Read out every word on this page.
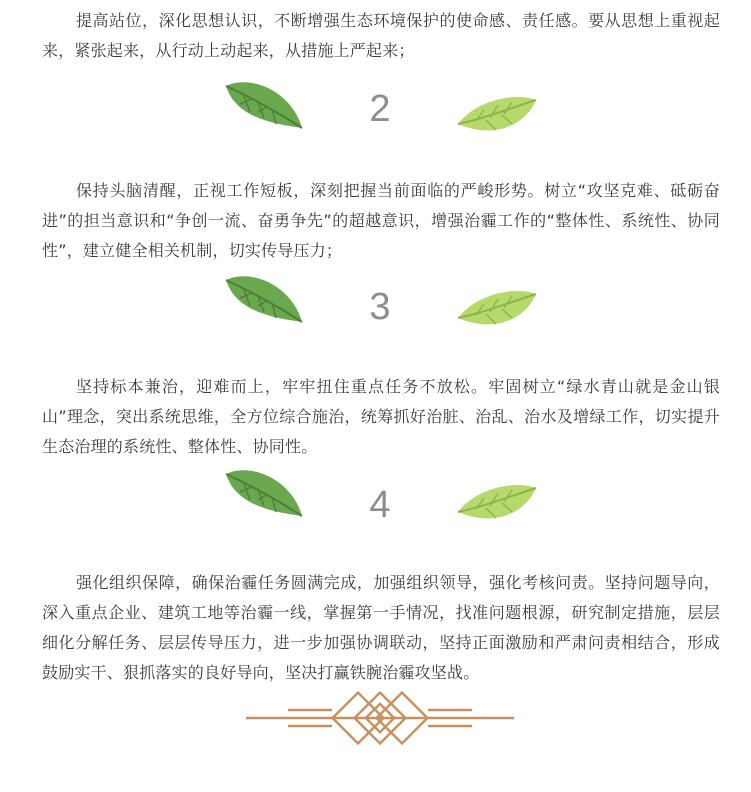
提高站位，深化思想认识，不断增强生态环境保护的使命感、责任感。要从思想上重视起来，紧张起来，从行动上动起来，从措施上严起来；

2

保持头脑清醒，正视工作短板，深刻把握当前面临的严峻形势。树立“攻坚克难、砥砺奋进”的担当意识和“争创一流、奋勇争先”的超越意识，增强治霾工作的“整体性、系统性、协同性”，建立健全相关机制，切实传导压力；

3

坚持标本兼治，迎难而上，牢牢扭住重点任务不放松。牢固树立“绿水青山就是金山银山”理念，突出系统思维，全方位综合施治，统筹抓好治脏、治乱、治水及增绿工作，切实提升生态治理的系统性、整体性、协同性。

4

强化组织保障，确保治霾任务圆满完成，加强组织领导，强化考核问责。坚持问题导向，深入重点企业、建筑工地等治霾一线，掌握第一手情况，找准问题根源，研究制定措施，层层细化分解任务、层层传导压力，进一步加强协调联动，坚持正面激励和严肃问责相结合，形成鼓励实干、狠抓落实的良好导向，坚决打赢铁腕治霾攻坚战。
